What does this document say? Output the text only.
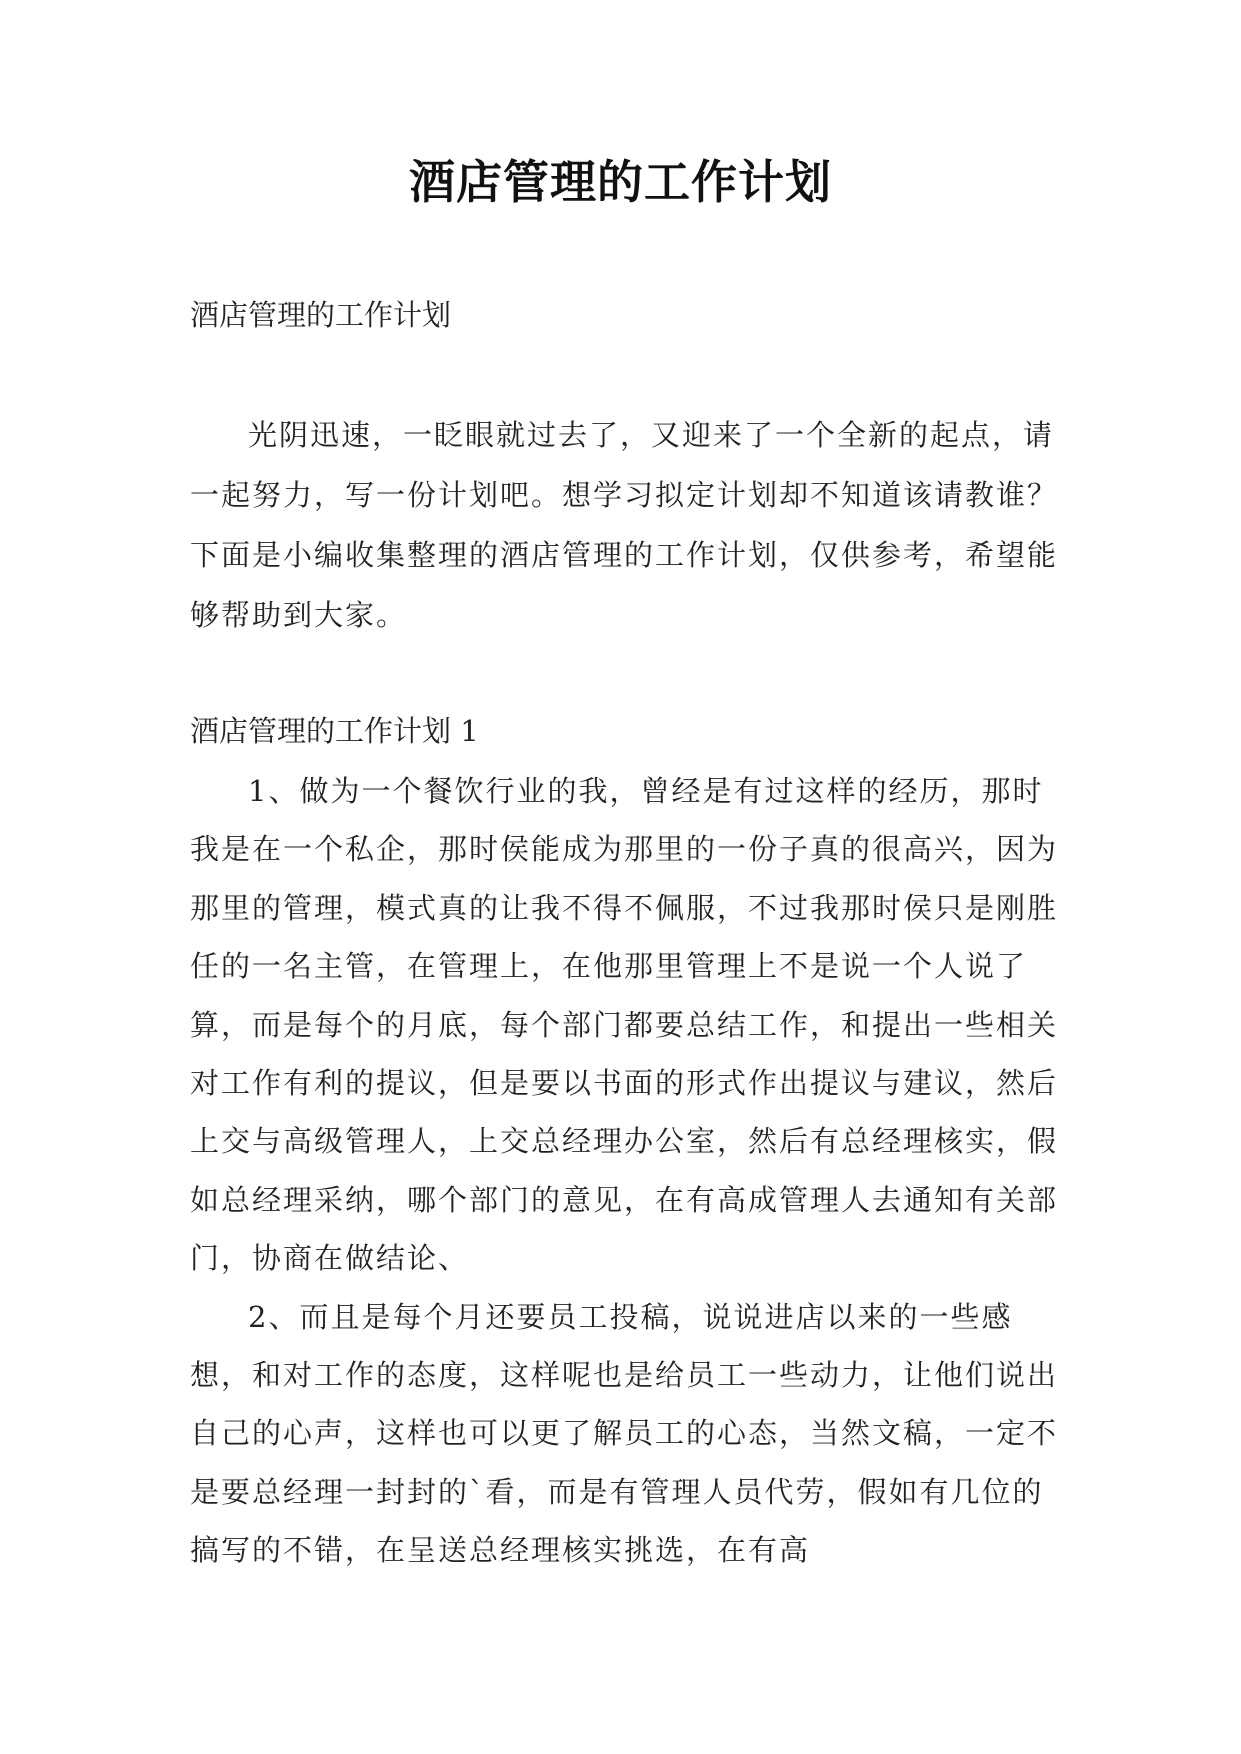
酒店管理的工作计划
酒店管理的工作计划
光阴迅速，一眨眼就过去了，又迎来了一个全新的起点，请一起努力，写一份计划吧。想学习拟定计划却不知道该请教谁？下面是小编收集整理的酒店管理的工作计划，仅供参考，希望能够帮助到大家。
酒店管理的工作计划 1

1、做为一个餐饮行业的我，曾经是有过这样的经历，那时我是在一个私企，那时侯能成为那里的一份子真的很高兴，因为那里的管理，模式真的让我不得不佩服，不过我那时侯只是刚胜任的一名主管，在管理上，在他那里管理上不是说一个人说了算，而是每个的月底，每个部门都要总结工作，和提出一些相关对工作有利的提议，但是要以书面的形式作出提议与建议，然后上交与高级管理人，上交总经理办公室，然后有总经理核实，假如总经理采纳，哪个部门的意见，在有高成管理人去通知有关部门，协商在做结论、

2、而且是每个月还要员工投稿，说说进店以来的一些感想，和对工作的态度，这样呢也是给员工一些动力，让他们说出自己的心声，这样也可以更了解员工的心态，当然文稿，一定不是要总经理一封封的`看，而是有管理人员代劳，假如有几位的搞写的不错，在呈送总经理核实挑选，在有高
